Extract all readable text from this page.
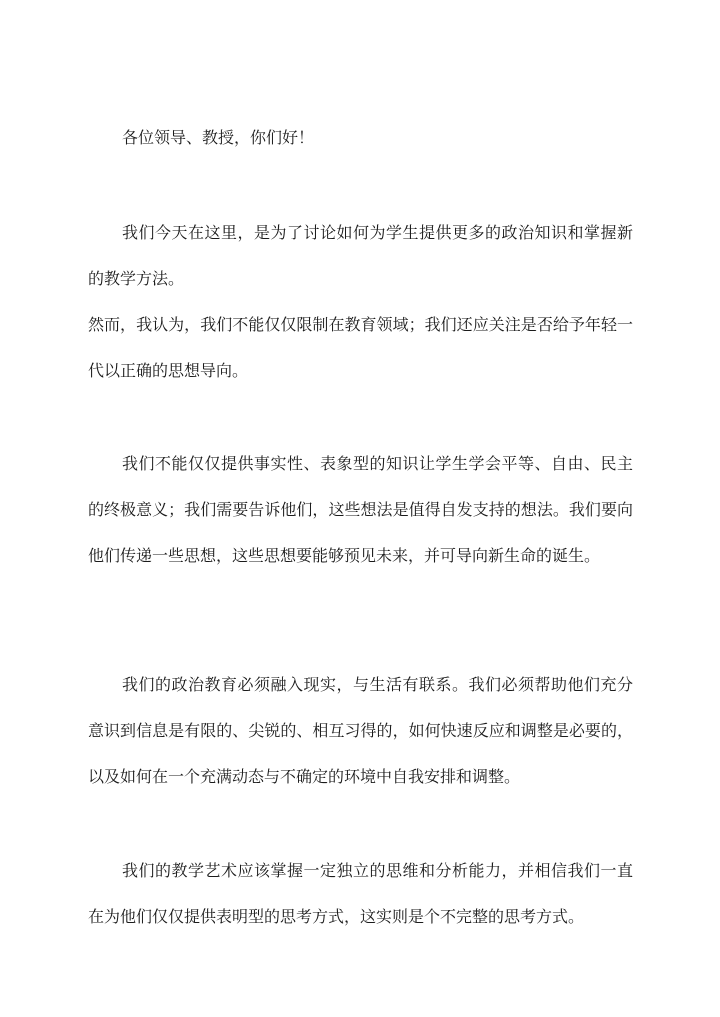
各位领导、教授，你们好！

我们今天在这里，是为了讨论如何为学生提供更多的政治知识和掌握新的教学方法。

然而，我认为，我们不能仅仅限制在教育领域；我们还应关注是否给予年轻一代以正确的思想导向。

我们不能仅仅提供事实性、表象型的知识让学生学会平等、自由、民主的终极意义；我们需要告诉他们，这些想法是值得自发支持的想法。我们要向他们传递一些思想，这些思想要能够预见未来，并可导向新生命的诞生。

我们的政治教育必须融入现实，与生活有联系。我们必须帮助他们充分意识到信息是有限的、尖锐的、相互习得的，如何快速反应和调整是必要的，以及如何在一个充满动态与不确定的环境中自我安排和调整。

我们的教学艺术应该掌握一定独立的思维和分析能力，并相信我们一直在为他们仅仅提供表明型的思考方式，这实则是个不完整的思考方式。
